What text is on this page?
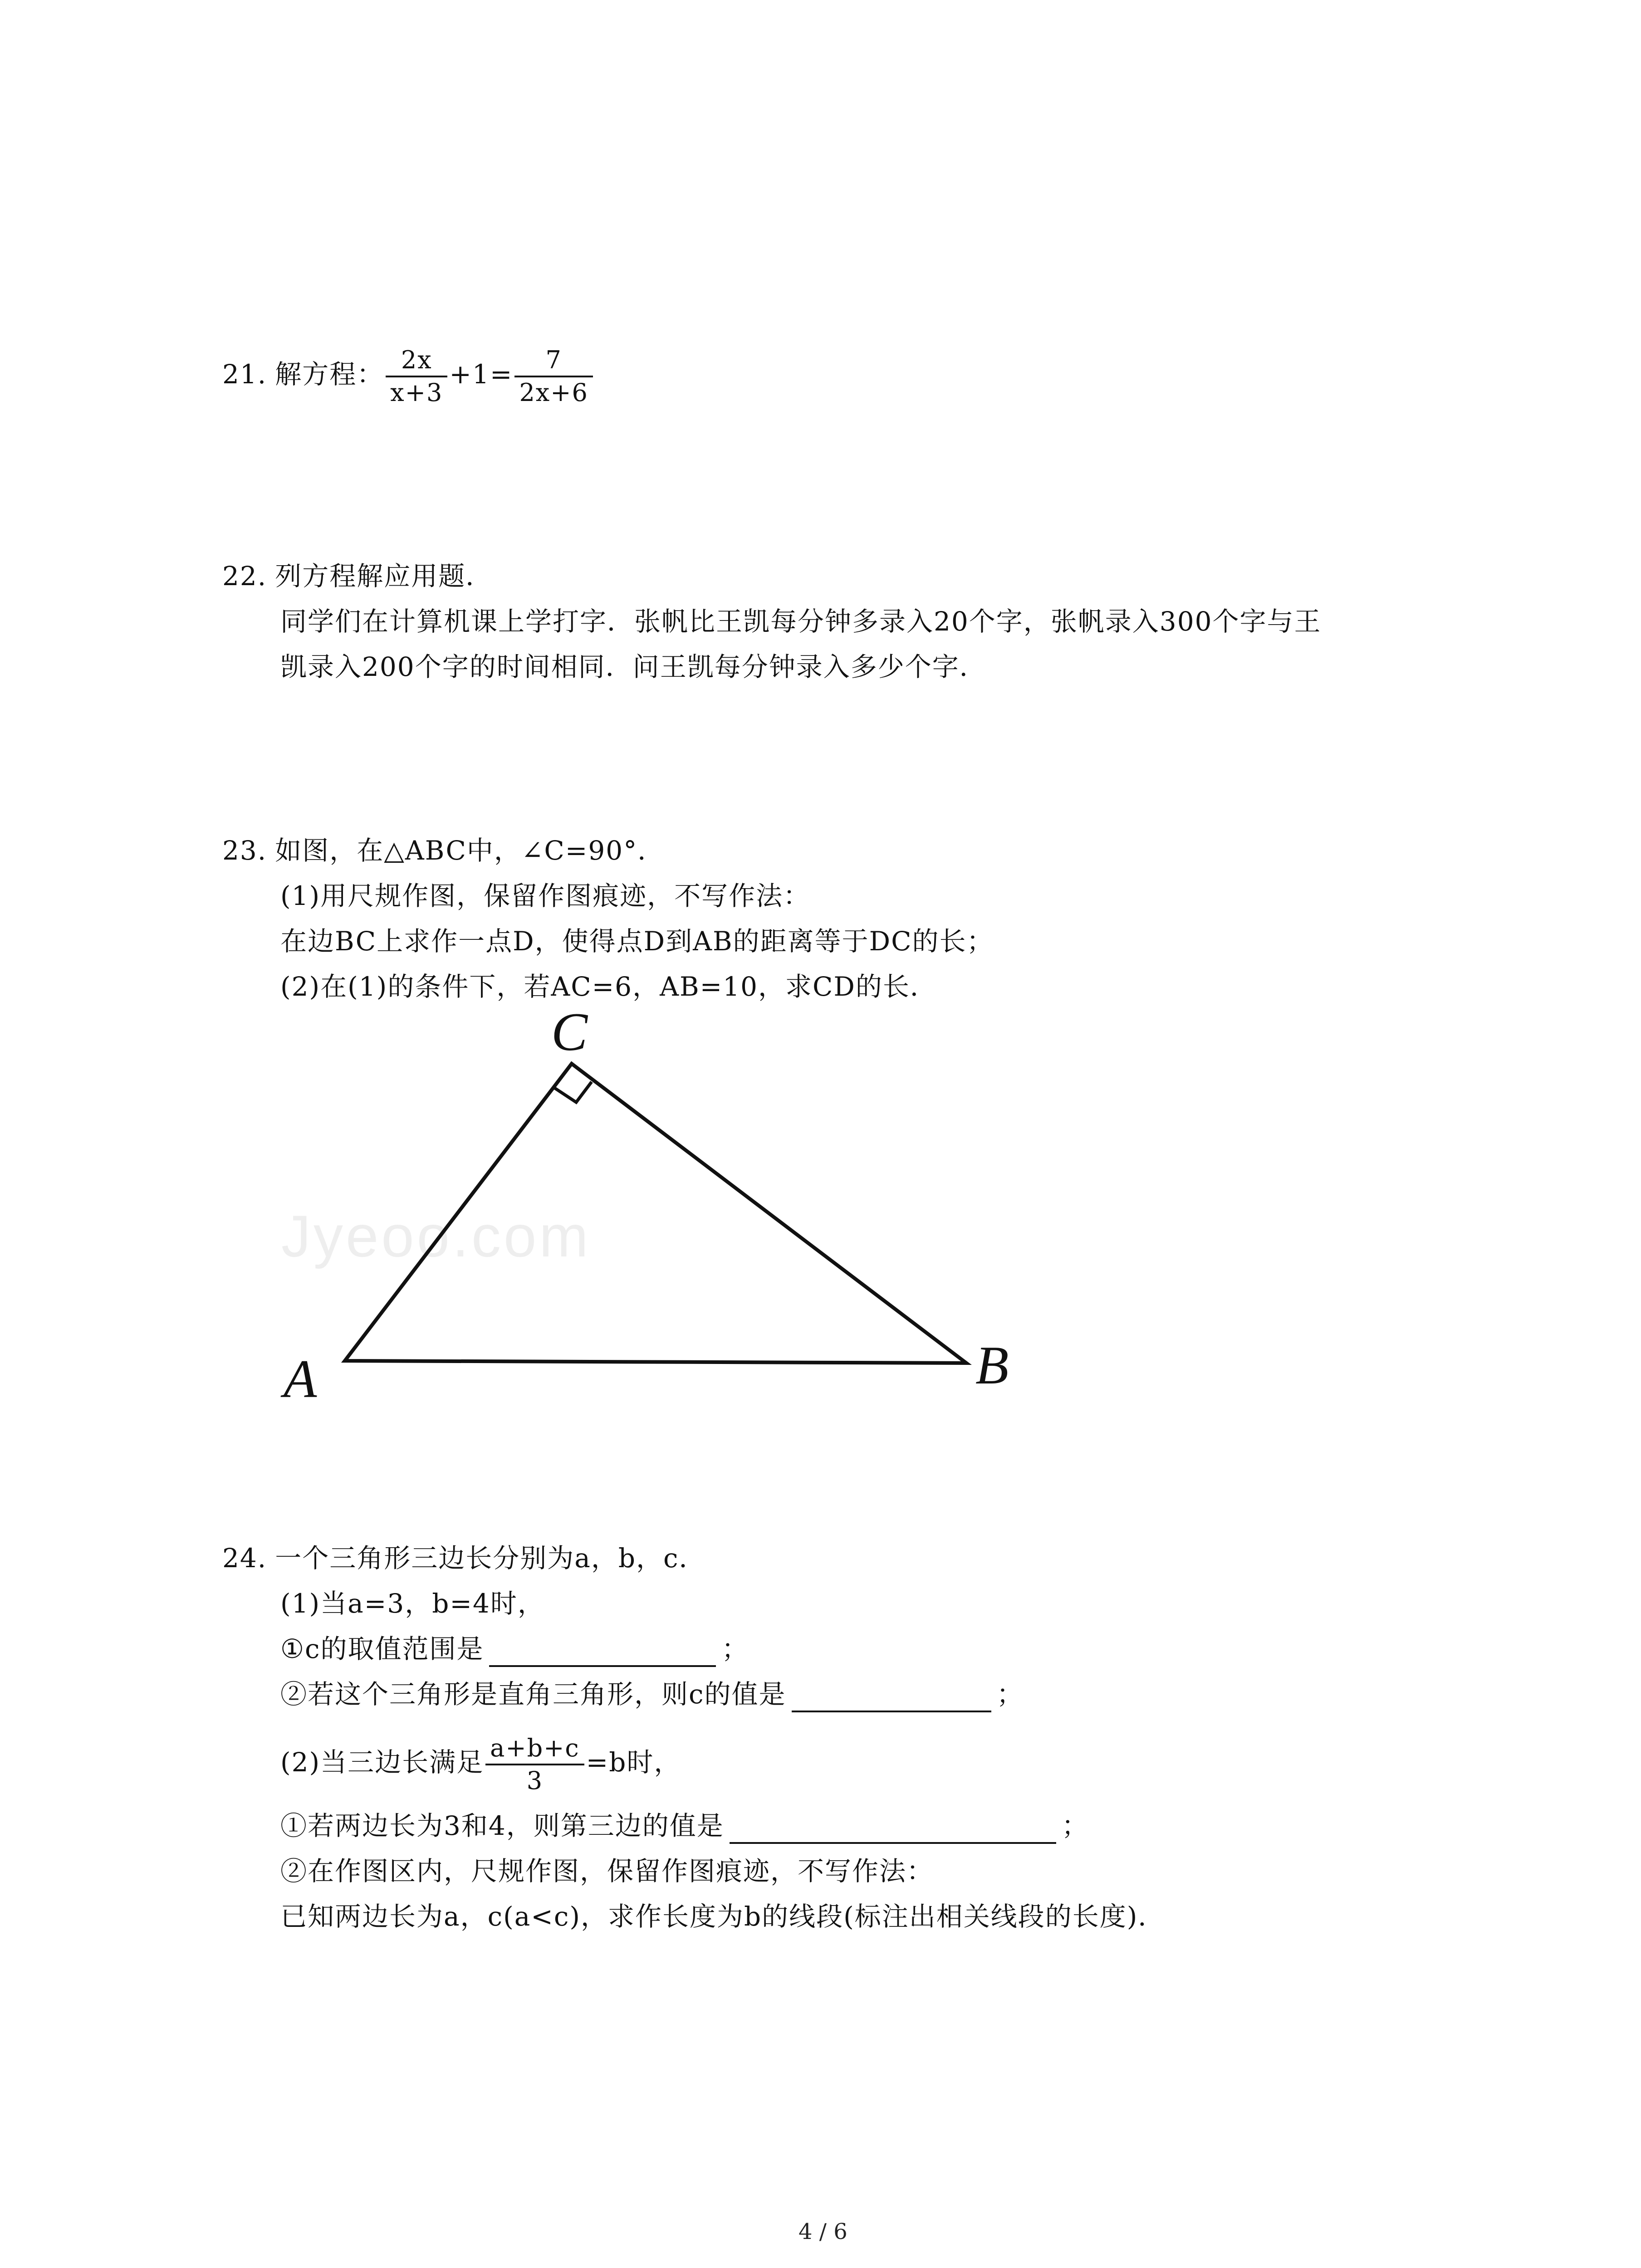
21. 解方程： $\frac{2x}{x+3} +1= \frac{7}{2x+6}$
22. 列方程解应用题．
同学们在计算机课上学打字．张帆比王凯每分钟多录入20个字，张帆录入300个字与王
凯录入200个字的时间相同．问王凯每分钟录入多少个字．
23. 如图，在△ABC中，∠C=90°．
(1)用尺规作图，保留作图痕迹，不写作法：
在边BC上求作一点D，使得点D到AB的距离等于DC的长；
(2)在(1)的条件下，若AC=6，AB=10，求CD的长．
Jyeoo.com
C
A	B
24. 一个三角形三边长分别为a，b，c．
(1)当a=3，b=4时，
①c的取值范围是	；
②若这个三角形是直角三角形，则c的值是	；
(2)当三边长满足 $\frac{a+b+c}{3} =b$时，
①若两边长为3和4，则第三边的值是	；
②在作图区内，尺规作图，保留作图痕迹，不写作法：
已知两边长为a，c(a<c)，求作长度为b的线段(标注出相关线段的长度)．
4 / 6
